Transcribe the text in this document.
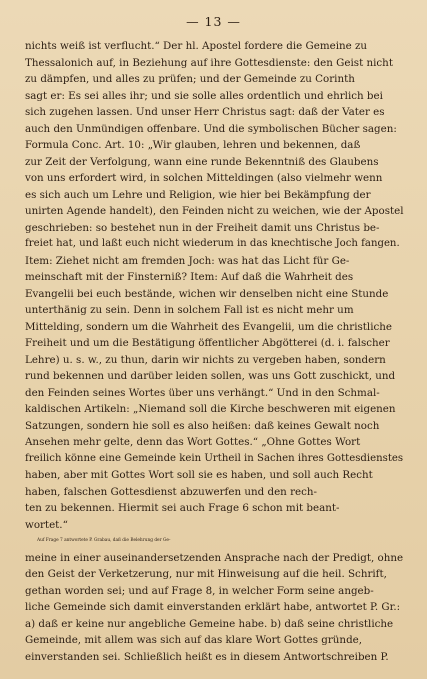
— 13 —
nichts weiß ist verflucht.“ Der hl. Apostel fordere die Gemeine zu
Thessalonich auf, in Beziehung auf ihre Gottesdienste: den Geist nicht
zu dämpfen, und alles zu prüfen; und der Gemeinde zu Corinth
sagt er: Es sei alles ihr; und sie solle alles ordentlich und ehrlich bei
sich zugehen lassen. Und unser Herr Christus sagt: daß der Vater es
auch den Unmündigen offenbare. Und die symbolischen Bücher sagen:
Formula Conc. Art. 10: „Wir glauben, lehren und bekennen, daß
zur Zeit der Verfolgung, wann eine runde Bekenntniß des Glaubens
von uns erfordert wird, in solchen Mitteldingen (also vielmehr wenn
es sich auch um Lehre und Religion, wie hier bei Bekämpfung der
unirten Agende handelt), den Feinden nicht zu weichen, wie der Apostel
geschrieben: so bestehet nun in der Freiheit damit uns Christus be-
freiet hat, und laßt euch nicht wiederum in das knechtische Joch fangen.
Item: Ziehet nicht am fremden Joch: was hat das Licht für Ge-
meinschaft mit der Finsterniß? Item: Auf daß die Wahrheit des
Evangelii bei euch bestände, wichen wir denselben nicht eine Stunde
unterthänig zu sein. Denn in solchem Fall ist es nicht mehr um
Mittelding, sondern um die Wahrheit des Evangelii, um die christliche
Freiheit und um die Bestätigung öffentlicher Abgötterei (d. i. falscher
Lehre) u. s. w., zu thun, darin wir nichts zu vergeben haben, sondern
rund bekennen und darüber leiden sollen, was uns Gott zuschickt, und
den Feinden seines Wortes über uns verhängt.“ Und in den Schmal-
kaldischen Artikeln: „Niemand soll die Kirche beschweren mit eigenen
Satzungen, sondern hie soll es also heißen: daß keines Gewalt noch
Ansehen mehr gelte, denn das Wort Gottes.“ „Ohne Gottes Wort
freilich könne eine Gemeinde kein Urtheil in Sachen ihres Gottesdienstes
haben, aber mit Gottes Wort soll sie es haben, und soll auch Recht
haben, falschen Gottesdienst abzuwerfen und den rech-
ten zu bekennen. Hiermit sei auch Frage 6 schon mit beant-
wortet.“
Auf Frage 7 antwortete P. Grabau, daß die Belehrung der Ge-
meine in einer auseinandersetzenden Ansprache nach der Predigt, ohne
den Geist der Verketzerung, nur mit Hinweisung auf die heil. Schrift,
gethan worden sei; und auf Frage 8, in welcher Form seine angeb-
liche Gemeinde sich damit einverstanden erklärt habe, antwortet P. Gr.:
a) daß er keine nur angebliche Gemeine habe. b) daß seine christliche
Gemeinde, mit allem was sich auf das klare Wort Gottes gründe,
einverstanden sei. Schließlich heißt es in diesem Antwortschreiben P.
